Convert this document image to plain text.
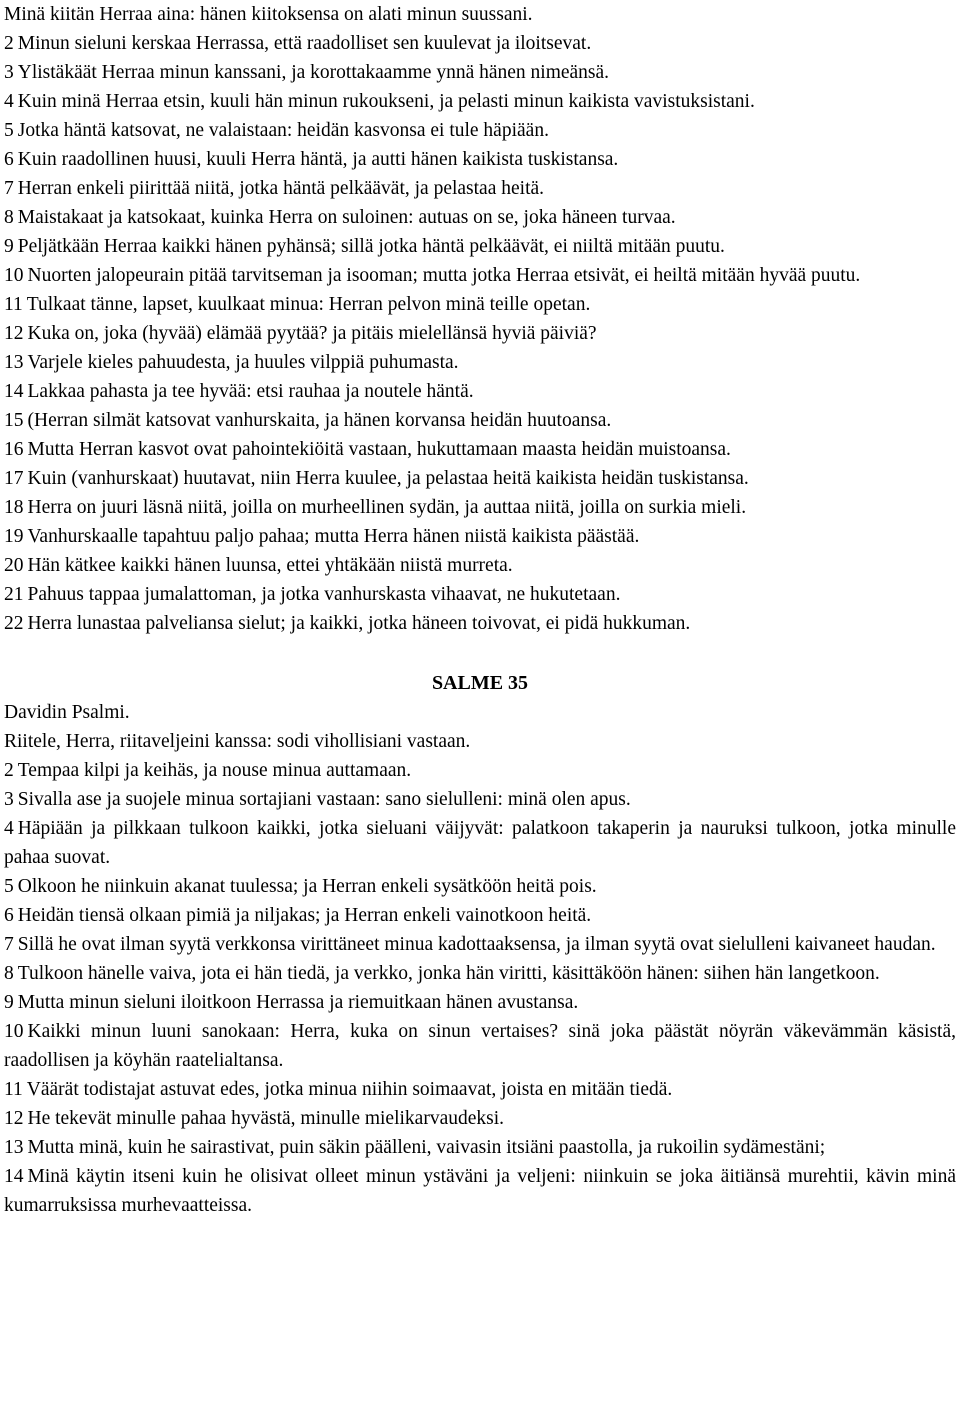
Minä kiitän Herraa aina: hänen kiitoksensa on alati minun suussani.

2 Minun sieluni kerskaa Herrassa, että raadolliset sen kuulevat ja iloitsevat.

3 Ylistäkäät Herraa minun kanssani, ja korottakaamme ynnä hänen nimeänsä.

4 Kuin minä Herraa etsin, kuuli hän minun rukoukseni, ja pelasti minun kaikista vavistuksistani.

5 Jotka häntä katsovat, ne valaistaan: heidän kasvonsa ei tule häpiään.

6 Kuin raadollinen huusi, kuuli Herra häntä, ja autti hänen kaikista tuskistansa.

7 Herran enkeli piirittää niitä, jotka häntä pelkäävät, ja pelastaa heitä.

8 Maistakaat ja katsokaat, kuinka Herra on suloinen: autuas on se, joka häneen turvaa.

9 Peljätkään Herraa kaikki hänen pyhänsä; sillä jotka häntä pelkäävät, ei niiltä mitään puutu.

10 Nuorten jalopeurain pitää tarvitseman ja isooman; mutta jotka Herraa etsivät, ei heiltä mitään hyvää puutu.

11 Tulkaat tänne, lapset, kuulkaat minua: Herran pelvon minä teille opetan.

12 Kuka on, joka (hyvää) elämää pyytää? ja pitäis mielellänsä hyviä päiviä?

13 Varjele kieles pahuudesta, ja huules vilppiä puhumasta.

14 Lakkaa pahasta ja tee hyvää: etsi rauhaa ja noutele häntä.

15 (Herran silmät katsovat vanhurskaita, ja hänen korvansa heidän huutoansa.

16 Mutta Herran kasvot ovat pahointekiöitä vastaan, hukuttamaan maasta heidän muistoansa.

17 Kuin (vanhurskaat) huutavat, niin Herra kuulee, ja pelastaa heitä kaikista heidän tuskistansa.

18 Herra on juuri läsnä niitä, joilla on murheellinen sydän, ja auttaa niitä, joilla on surkia mieli.

19 Vanhurskaalle tapahtuu paljo pahaa; mutta Herra hänen niistä kaikista päästää.

20 Hän kätkee kaikki hänen luunsa, ettei yhtäkään niistä murreta.

21 Pahuus tappaa jumalattoman, ja jotka vanhurskasta vihaavat, ne hukutetaan.

22 Herra lunastaa palveliansa sielut; ja kaikki, jotka häneen toivovat, ei pidä hukkuman.

SALME 35

Davidin Psalmi.

Riitele, Herra, riitaveljeini kanssa: sodi vihollisiani vastaan.

2 Tempaa kilpi ja keihäs, ja nouse minua auttamaan.

3 Sivalla ase ja suojele minua sortajiani vastaan: sano sielulleni: minä olen apus.

4 Häpiään ja pilkkaan tulkoon kaikki, jotka sieluani väijyvät: palatkoon takaperin ja nauruksi tulkoon, jotka minulle pahaa suovat.

5 Olkoon he niinkuin akanat tuulessa; ja Herran enkeli sysätköön heitä pois.

6 Heidän tiensä olkaan pimiä ja niljakas; ja Herran enkeli vainotkoon heitä.

7 Sillä he ovat ilman syytä verkkonsa virittäneet minua kadottaaksensa, ja ilman syytä ovat sielulleni kaivaneet haudan.

8 Tulkoon hänelle vaiva, jota ei hän tiedä, ja verkko, jonka hän viritti, käsittäköön hänen: siihen hän langetkoon.

9 Mutta minun sieluni iloitkoon Herrassa ja riemuitkaan hänen avustansa.

10 Kaikki minun luuni sanokaan: Herra, kuka on sinun vertaises? sinä joka päästät nöyrän väkevämmän käsistä, raadollisen ja köyhän raatelialtansa.

11 Väärät todistajat astuvat edes, jotka minua niihin soimaavat, joista en mitään tiedä.

12 He tekevät minulle pahaa hyvästä, minulle mielikarvaudeksi.

13 Mutta minä, kuin he sairastivat, puin säkin päälleni, vaivasin itsiäni paastolla, ja rukoilin sydämestäni;

14 Minä käytin itseni kuin he olisivat olleet minun ystäväni ja veljeni: niinkuin se joka äitiänsä murehtii, kävin minä kumarruksissa murhevaatteissa.
